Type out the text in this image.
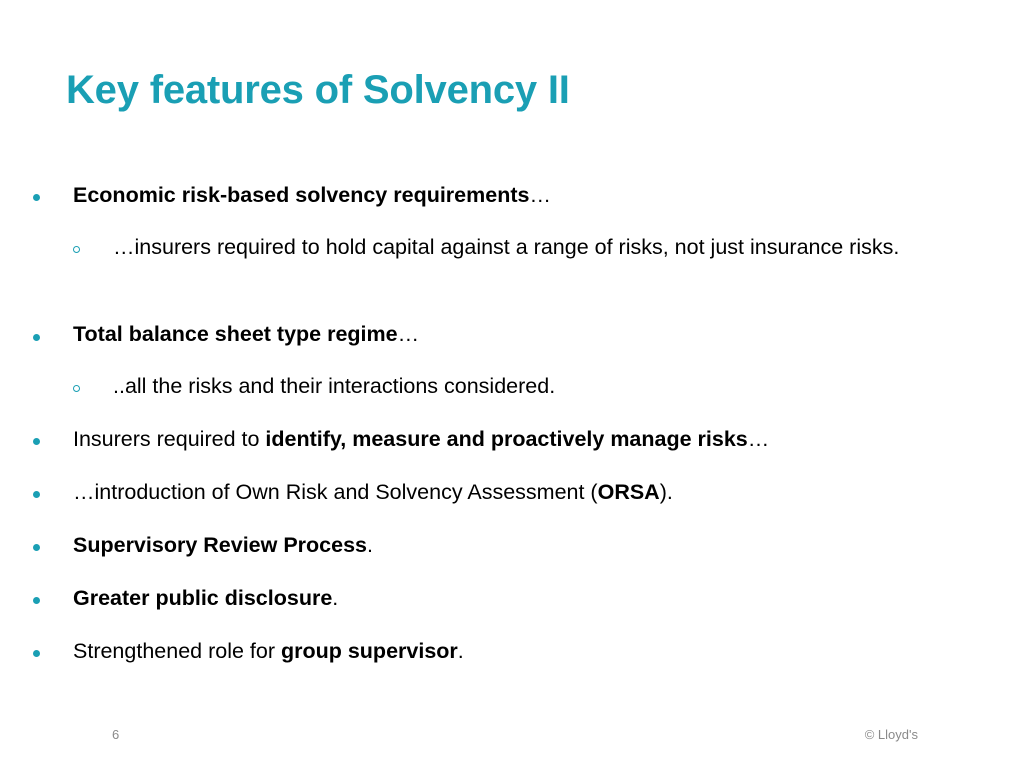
Key features of Solvency II
Economic risk-based solvency requirements…
…insurers required to hold capital against a range of risks, not just insurance risks.
Total balance sheet type regime…
..all the risks and their interactions considered.
Insurers required to identify, measure and proactively manage risks…
…introduction of Own Risk and Solvency Assessment (ORSA).
Supervisory Review Process.
Greater public disclosure.
Strengthened role for group supervisor.
6	© Lloyd's
